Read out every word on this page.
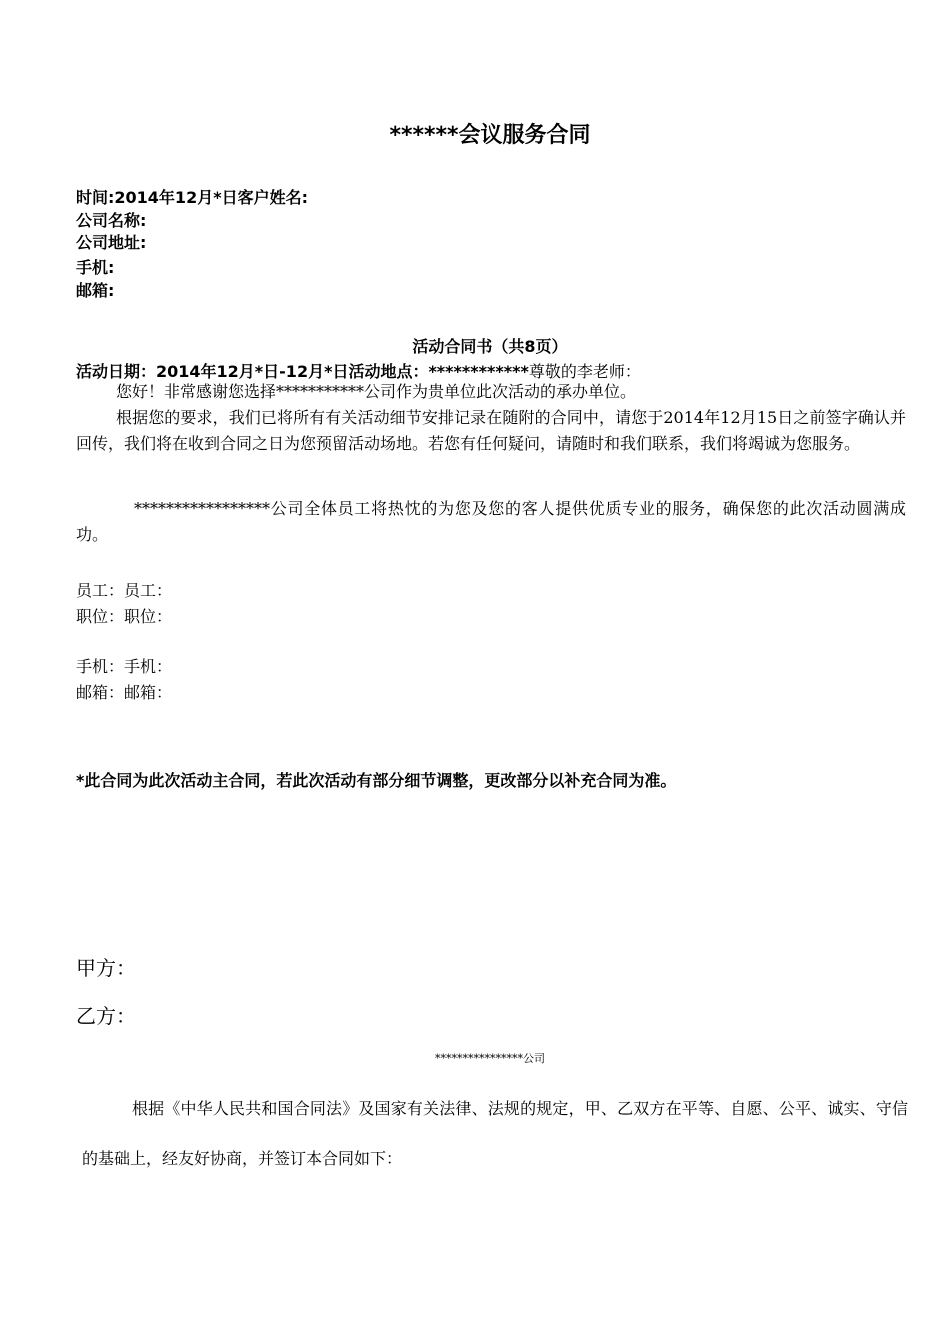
******会议服务合同
时间:2014年12月*日客户姓名:
公司名称:
公司地址:
手机:
邮箱:
活动合同书（共8页）
活动日期：2014年12月*日-12月*日活动地点：************尊敬的李老师：
您好！非常感谢您选择***********公司作为贵单位此次活动的承办单位。
根据您的要求，我们已将所有有关活动细节安排记录在随附的合同中，请您于2014年12月15日之前签字确认并回传，我们将在收到合同之日为您预留活动场地。若您有任何疑问，请随时和我们联系，我们将竭诚为您服务。
*****************公司全体员工将热忱的为您及您的客人提供优质专业的服务，确保您的此次活动圆满成功。
员工：员工：
职位：职位：
手机：手机：
邮箱：邮箱：
*此合同为此次活动主合同，若此次活动有部分细节调整，更改部分以补充合同为准。
甲方：
乙方：
****************公司
根据《中华人民共和国合同法》及国家有关法律、法规的规定，甲、乙双方在平等、自愿、公平、诚实、守信的基础上，经友好协商，并签订本合同如下：
